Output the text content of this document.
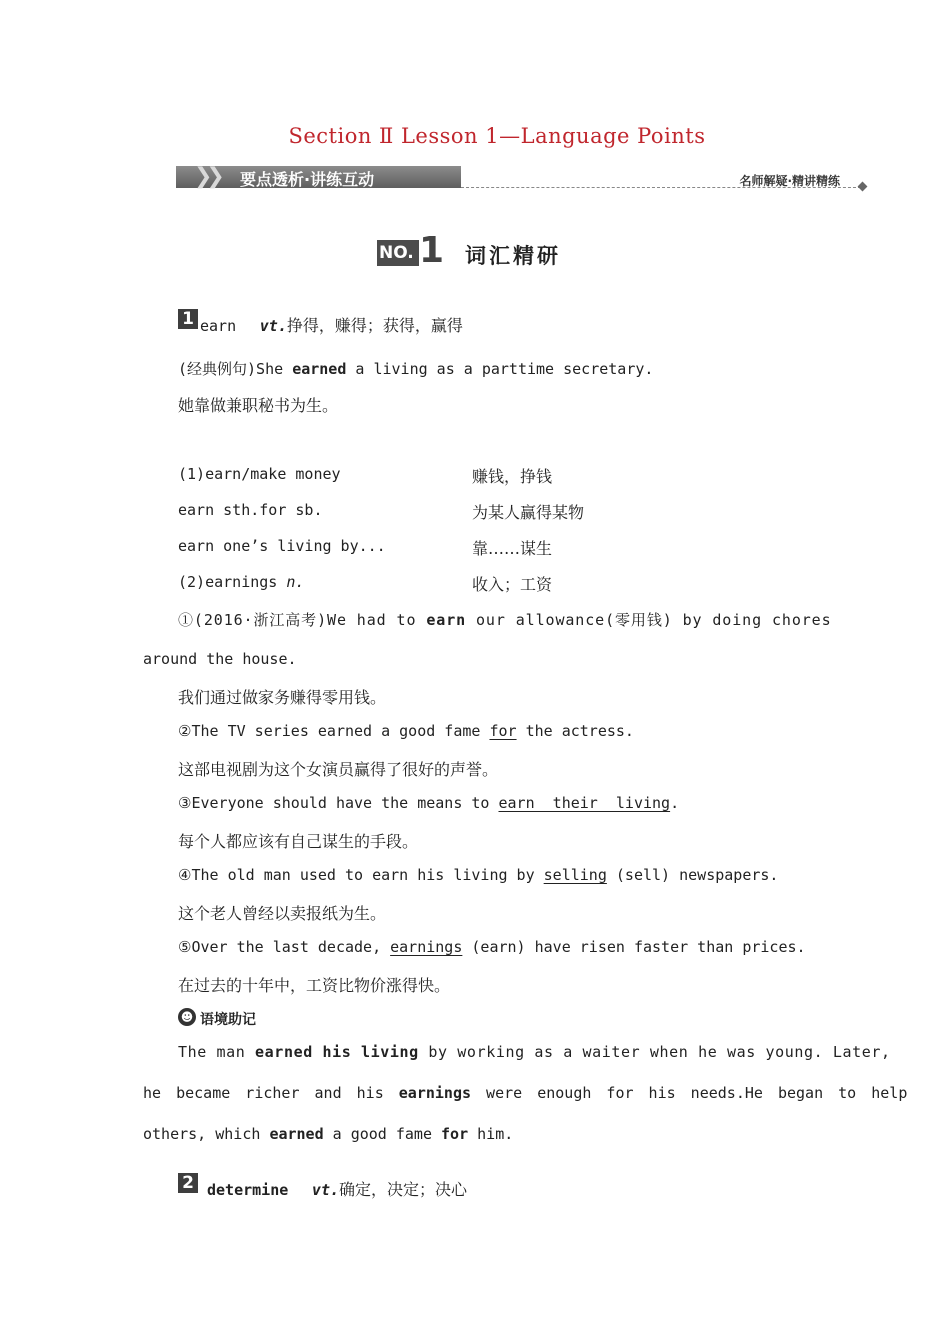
Section Ⅱ Lesson 1—Language Points
❯❯ 要点透析·讲练互动	名师解疑·精讲精练
NO. 1 词汇精研
1 earn vt.挣得，赚得；获得，赢得
(经典例句)She earned a living as a parttime secretary.
她靠做兼职秘书为生。
(1)earn/make money	赚钱，挣钱
earn sth.for sb.	为某人赢得某物
earn one’s living by...	靠……谋生
(2)earnings n.	收入；工资
①(2016·浙江高考)We had to earn our allowance(零用钱) by doing chores
around the house.
我们通过做家务赚得零用钱。
②The TV series earned a good fame for the actress.
这部电视剧为这个女演员赢得了很好的声誉。
③Everyone should have the means to earn  their  living.
每个人都应该有自己谋生的手段。
④The old man used to earn his living by selling (sell) newspapers.
这个老人曾经以卖报纸为生。
⑤Over the last decade, earnings (earn) have risen faster than prices.
在过去的十年中，工资比物价涨得快。
☻ 语境助记
The man earned his living by working as a waiter when he was young. Later,
he became richer and his earnings were enough for his needs.He began to help
others, which earned a good fame for him.
2 determine vt.确定，决定；决心
